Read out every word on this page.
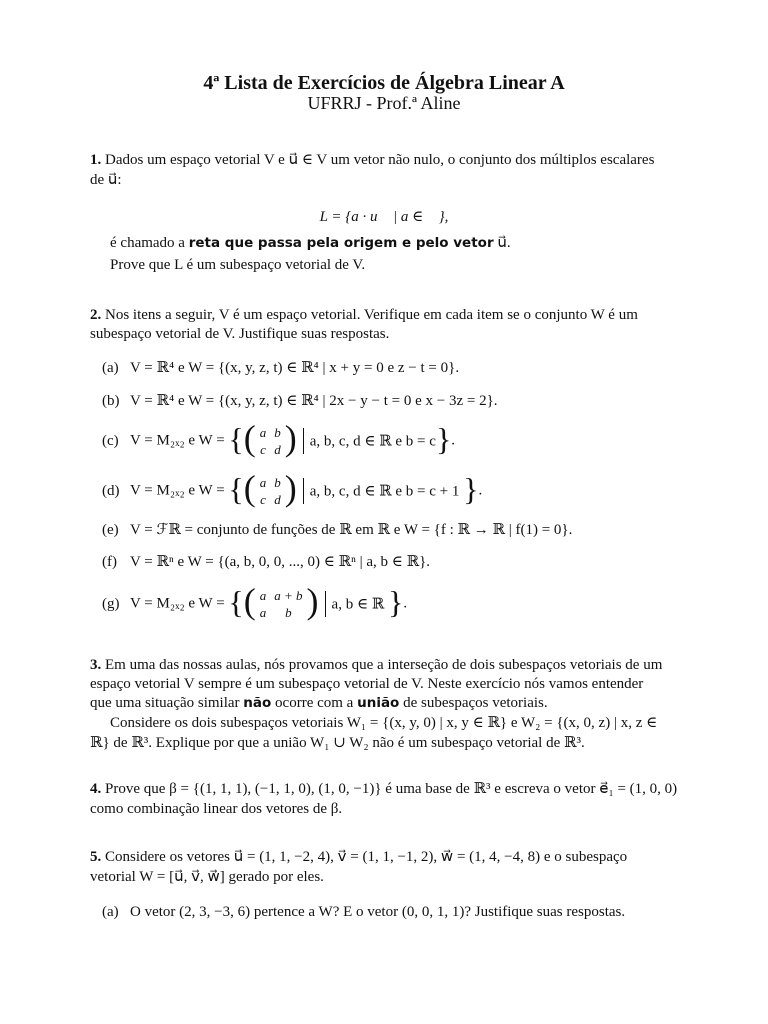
4ª Lista de Exercícios de Álgebra Linear A
UFRRJ - Prof.ª Aline
1. Dados um espaço vetorial V e u⃗ ∈ V um vetor não nulo, o conjunto dos múltiplos escalares
de u⃗:
L = {a · u⃗ | a ∈ ℝ},
é chamado a reta que passa pela origem e pelo vetor u⃗.
Prove que L é um subespaço vetorial de V.
2. Nos itens a seguir, V é um espaço vetorial. Verifique em cada item se o conjunto W é um
subespaço vetorial de V. Justifique suas respostas.
(a) V = ℝ⁴ e W = {(x, y, z, t) ∈ ℝ⁴ | x + y = 0 e z − t = 0}.
(b) V = ℝ⁴ e W = {(x, y, z, t) ∈ ℝ⁴ | 2x − y − t = 0 e x − 3z = 2}.
(c) V = M₂ₓ₂ e W = {( a	b
c	d ) a, b, c, d ∈ ℝ e b = c}.
(d) V = M₂ₓ₂ e W = {( a	b
c	d ) a, b, c, d ∈ ℝ e b = c + 1 }.
(e) V = ℱℝ = conjunto de funções de ℝ em ℝ e W = {f : ℝ → ℝ | f(1) = 0}.
(f) V = ℝⁿ e W = {(a, b, 0, 0, ..., 0) ∈ ℝⁿ | a, b ∈ ℝ}.
(g) V = M₂ₓ₂ e W = {( a	a + b
a	b ) a, b ∈ ℝ }.
3. Em uma das nossas aulas, nós provamos que a interseção de dois subespaços vetoriais de um
espaço vetorial V sempre é um subespaço vetorial de V. Neste exercício nós vamos entender
que uma situação similar não ocorre com a união de subespaços vetoriais.
Considere os dois subespaços vetoriais W₁ = {(x, y, 0) | x, y ∈ ℝ} e W₂ = {(x, 0, z) | x, z ∈
ℝ} de ℝ³. Explique por que a união W₁ ∪ W₂ não é um subespaço vetorial de ℝ³.
4. Prove que β = {(1, 1, 1), (−1, 1, 0), (1, 0, −1)} é uma base de ℝ³ e escreva o vetor e⃗₁ = (1, 0, 0)
como combinação linear dos vetores de β.
5. Considere os vetores u⃗ = (1, 1, −2, 4), v⃗ = (1, 1, −1, 2), w⃗ = (1, 4, −4, 8) e o subespaço
vetorial W = [u⃗, v⃗, w⃗] gerado por eles.
(a) O vetor (2, 3, −3, 6) pertence a W? E o vetor (0, 0, 1, 1)? Justifique suas respostas.
